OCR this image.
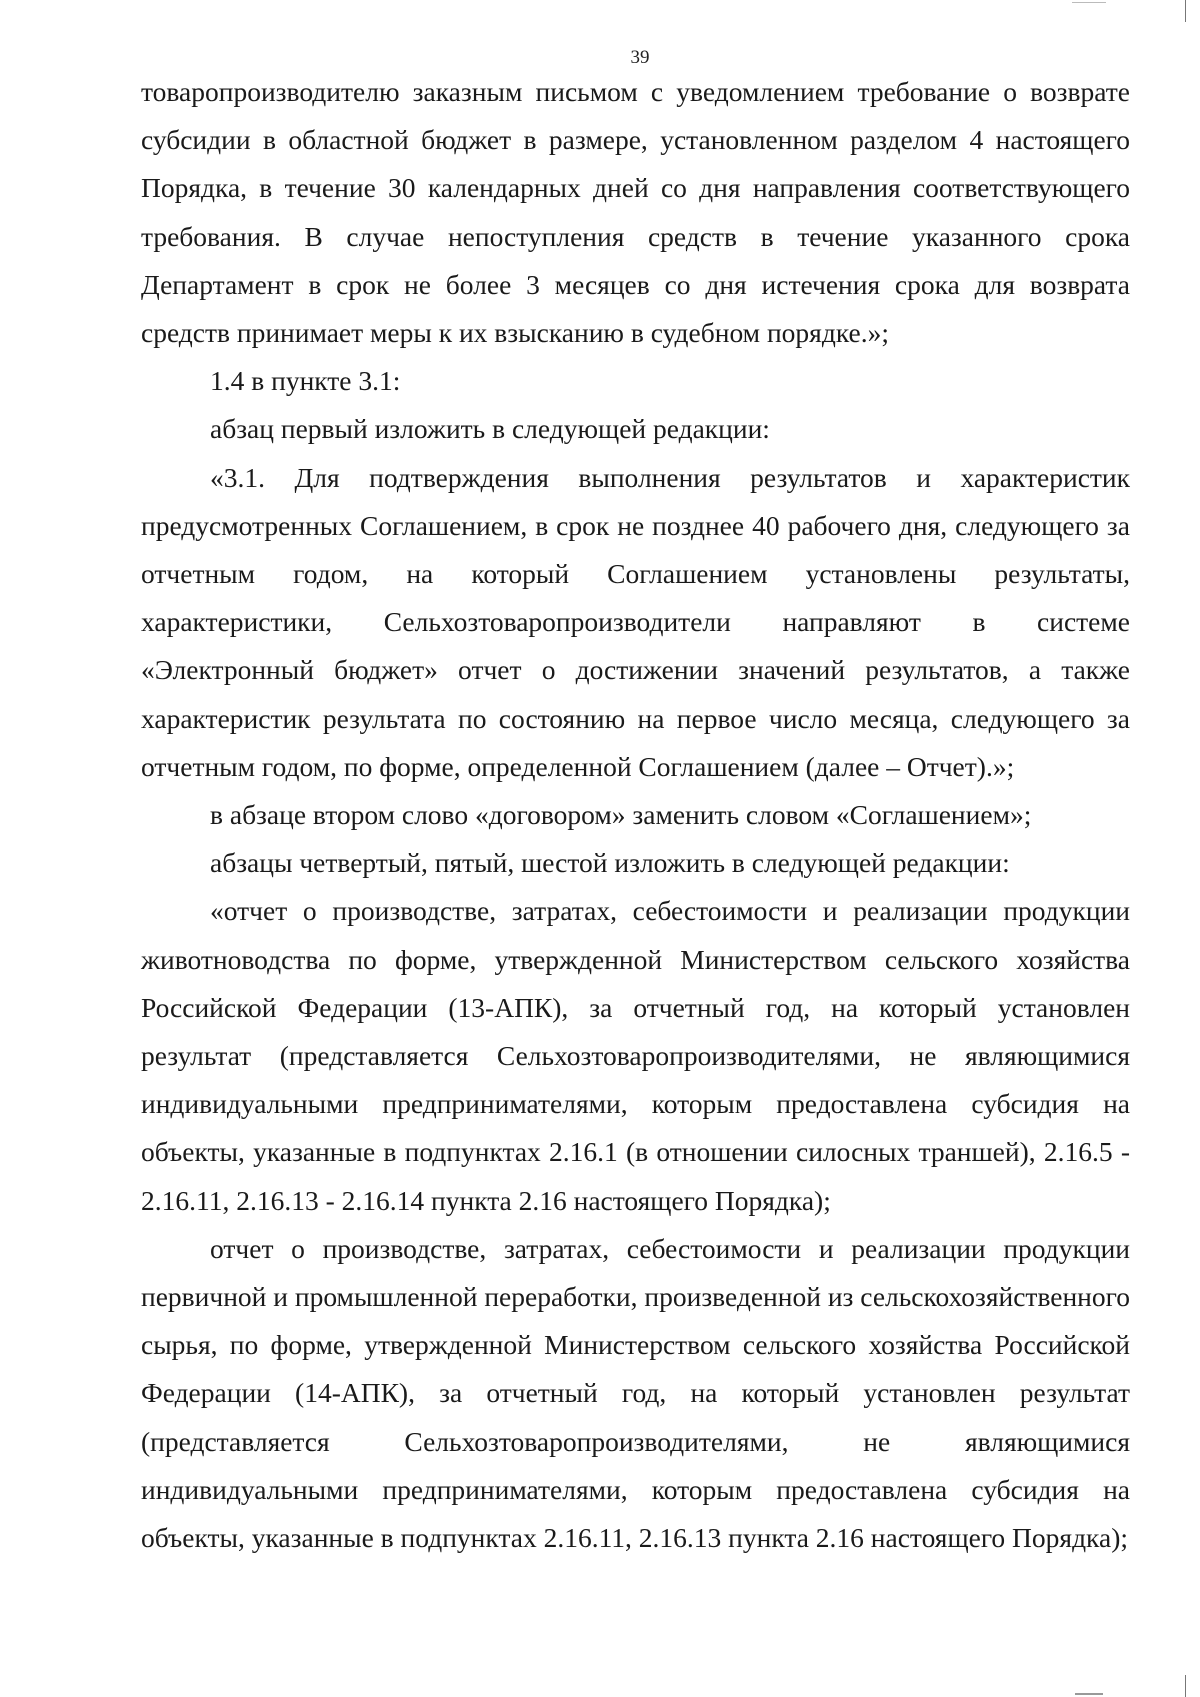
39

товаропроизводителю заказным письмом с уведомлением требование о возврате субсидии в областной бюджет в размере, установленном разделом 4 настоящего Порядка, в течение 30 календарных дней со дня направления соответствующего требования. В случае непоступления средств в течение указанного срока Департамент в срок не более 3 месяцев со дня истечения срока для возврата средств принимает меры к их взысканию в судебном порядке.»;

1.4 в пункте 3.1:

абзац первый изложить в следующей редакции:

«3.1. Для подтверждения выполнения результатов и характеристик предусмотренных Соглашением, в срок не позднее 40 рабочего дня, следующего за отчетным годом, на который Соглашением установлены результаты, характеристики, Сельхозтоваропроизводители направляют в системе «Электронный бюджет» отчет о достижении значений результатов, а также характеристик результата по состоянию на первое число месяца, следующего за отчетным годом, по форме, определенной Соглашением (далее – Отчет).»;

в абзаце втором слово «договором» заменить словом «Соглашением»;

абзацы четвертый, пятый, шестой изложить в следующей редакции:

«отчет о производстве, затратах, себестоимости и реализации продукции животноводства по форме, утвержденной Министерством сельского хозяйства Российской Федерации (13-АПК), за отчетный год, на который установлен результат (представляется Сельхозтоваропроизводителями, не являющимися индивидуальными предпринимателями, которым предоставлена субсидия на объекты, указанные в подпунктах 2.16.1 (в отношении силосных траншей), 2.16.5 - 2.16.11, 2.16.13 - 2.16.14 пункта 2.16 настоящего Порядка);

отчет о производстве, затратах, себестоимости и реализации продукции первичной и промышленной переработки, произведенной из сельскохозяйственного сырья, по форме, утвержденной Министерством сельского хозяйства Российской Федерации (14-АПК), за отчетный год, на который установлен результат (представляется Сельхозтоваропроизводителями, не являющимися индивидуальными предпринимателями, которым предоставлена субсидия на объекты, указанные в подпунктах 2.16.11, 2.16.13 пункта 2.16 настоящего Порядка);
